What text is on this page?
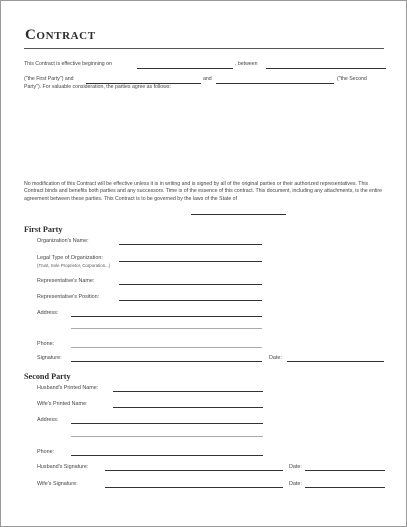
Contract
This Contract is effective beginning on	, between
("the First Party") and	and	("the Second
Party"). For valuable consideration, the parties agree as follows:
No modification of this Contract will be effective unless it is in writing and is signed by all of the original parties or their authorized representatives. This Contract binds and benefits both parties and any successors. Time is of the essence of this contract. This document, including any attachments, is the entire agreement between these parties. This Contract is to be governed by the laws of the State of
First Party
Organization's Name:
Legal Type of Organization:
(Trust, Sole Proprietor, Corporation...)
Representative's Name:
Representative's Position:
Address:
Phone:
Signature:	Date:
Second Party
Husband's Printed Name:
Wife's Printed Name:
Address:
Phone:
Husband's Signature:	Date:
Wife's Signature:	Date:
